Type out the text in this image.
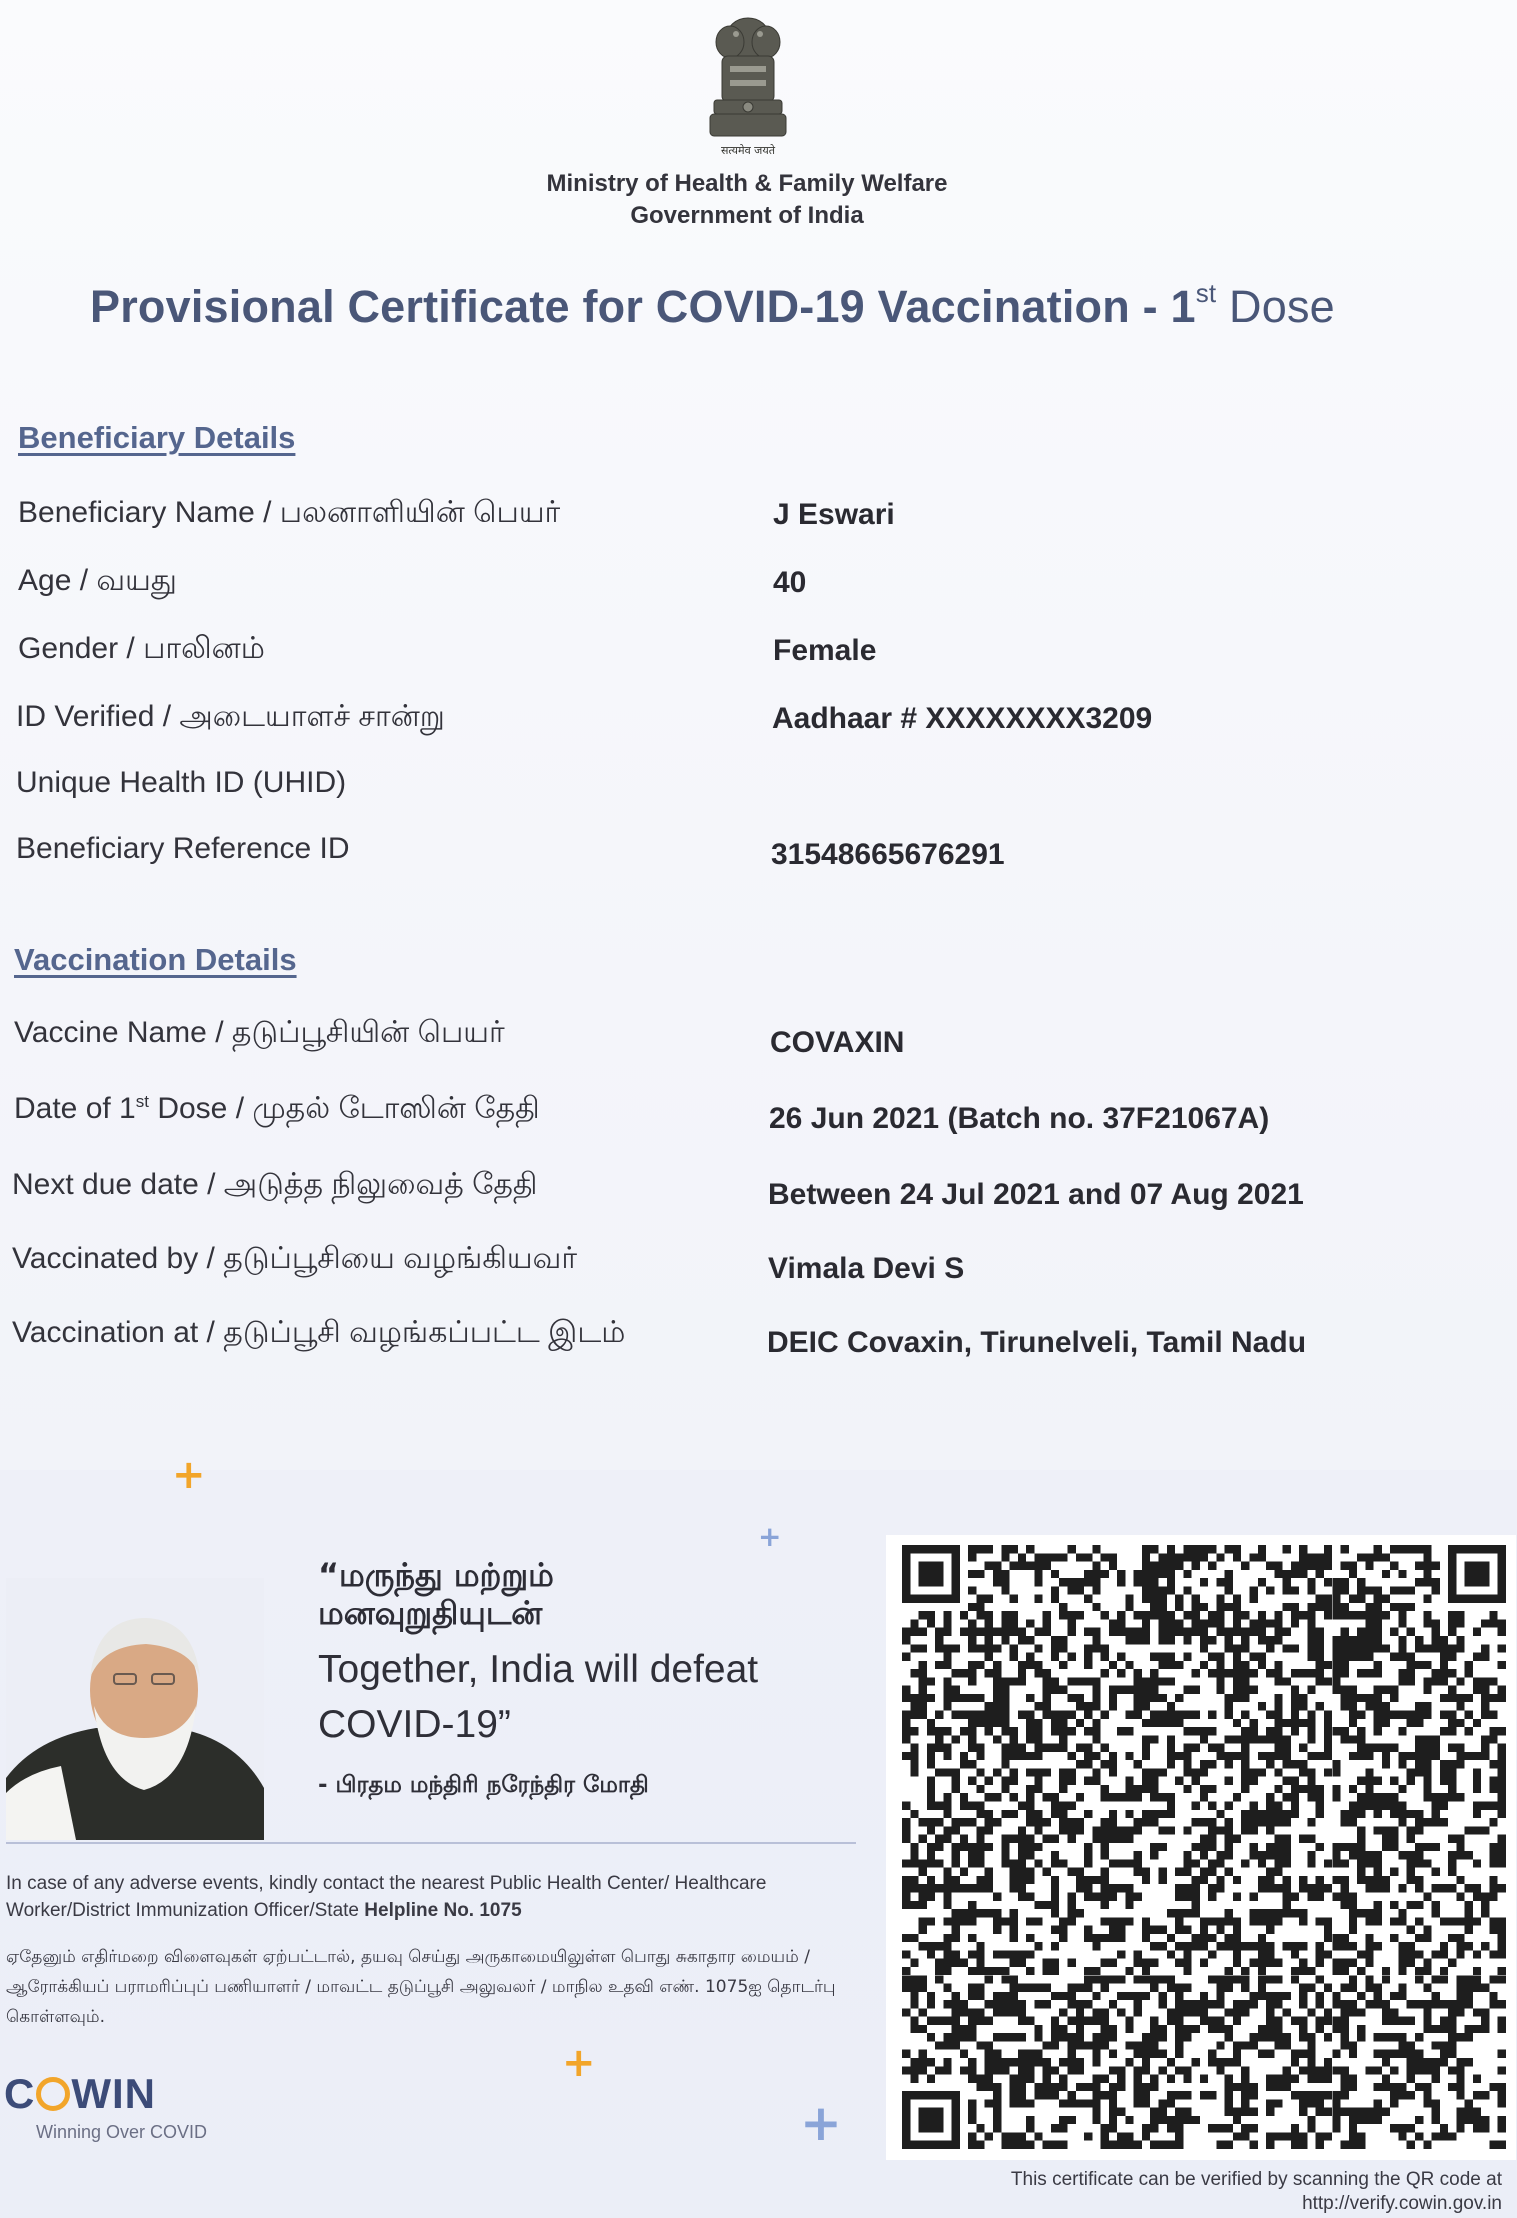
सत्यमेव जयते
Ministry of Health & Family Welfare
Government of India
Provisional Certificate for COVID-19 Vaccination - 1st Dose
Beneficiary Details
Beneficiary Name / பலனாளியின் பெயர்	J Eswari
Age / வயது	40
Gender / பாலினம்	Female
ID Verified / அடையாளச் சான்று	Aadhaar # XXXXXXXX3209
Unique Health ID (UHID)
Beneficiary Reference ID	31548665676291
Vaccination Details
Vaccine Name / தடுப்பூசியின் பெயர்	COVAXIN
Date of 1st Dose / முதல் டோஸின் தேதி	26 Jun 2021 (Batch no. 37F21067A)
Next due date / அடுத்த நிலுவைத் தேதி	Between 24 Jul 2021 and 07 Aug 2021
Vaccinated by / தடுப்பூசியை வழங்கியவர்	Vimala Devi S
Vaccination at / தடுப்பூசி வழங்கப்பட்ட இடம்	DEIC Covaxin, Tirunelveli, Tamil Nadu
+
+
+
+
“மருந்து மற்றும்
மனவுறுதியுடன்
Together, India will defeat COVID-19”
- பிரதம மந்திரி நரேந்திர மோதி
In case of any adverse events, kindly contact the nearest Public Health Center/ Healthcare Worker/District Immunization Officer/State Helpline No. 1075
ஏதேனும் எதிர்மறை விளைவுகள் ஏற்பட்டால், தயவு செய்து அருகாமையிலுள்ள பொது சுகாதார மையம் / ஆரோக்கியப் பராமரிப்புப் பணியாளர் / மாவட்ட தடுப்பூசி அலுவலர் / மாநில உதவி எண். 1075ஐ தொடர்பு கொள்ளவும்.
C WIN
Winning Over COVID
This certificate can be verified by scanning the QR code at
http://verify.cowin.gov.in
